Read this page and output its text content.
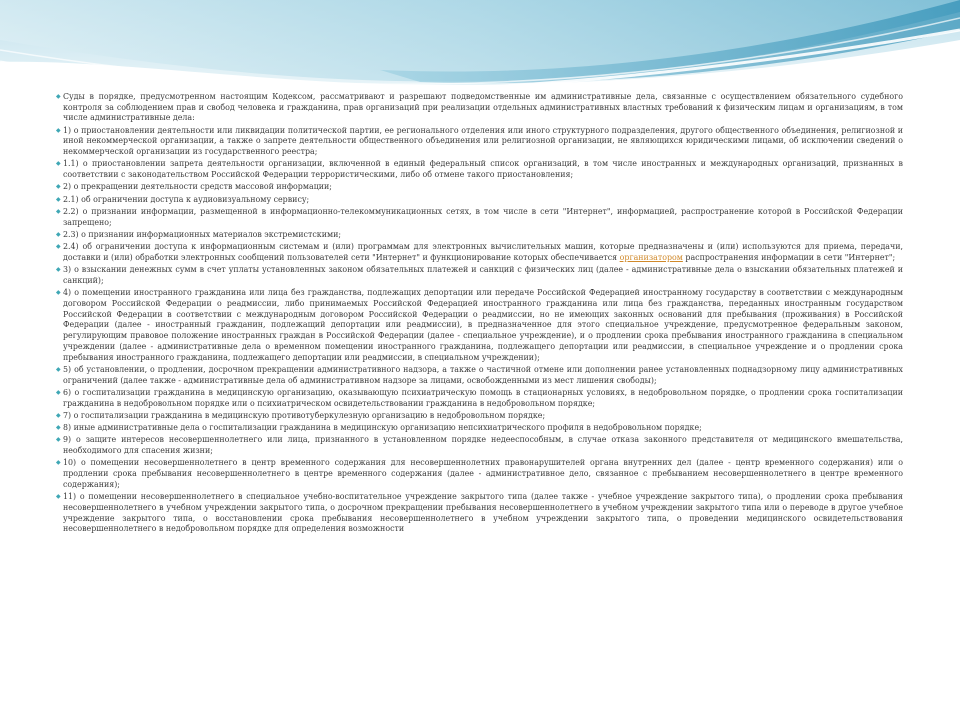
◆ Суды в порядке, предусмотренном настоящим Кодексом, рассматривают и разрешают подведомственные им административные дела, связанные с осуществлением обязательного судебного контроля за соблюдением прав и свобод человека и гражданина, прав организаций при реализации отдельных административных властных требований к физическим лицам и организациям, в том числе административные дела:
◆ 1) о приостановлении деятельности или ликвидации политической партии, ее регионального отделения или иного структурного подразделения, другого общественного объединения, религиозной и иной некоммерческой организации, а также о запрете деятельности общественного объединения или религиозной организации, не являющихся юридическими лицами, об исключении сведений о некоммерческой организации из государственного реестра;
◆ 1.1) о приостановлении запрета деятельности организации, включенной в единый федеральный список организаций, в том числе иностранных и международных организаций, признанных в соответствии с законодательством Российской Федерации террористическими, либо об отмене такого приостановления;
◆ 2) о прекращении деятельности средств массовой информации;
◆ 2.1) об ограничении доступа к аудиовизуальному сервису;
◆ 2.2) о признании информации, размещенной в информационно-телекоммуникационных сетях, в том числе в сети "Интернет", информацией, распространение которой в Российской Федерации запрещено;
◆ 2.3) о признании информационных материалов экстремистскими;
◆ 2.4) об ограничении доступа к информационным системам и (или) программам для электронных вычислительных машин, которые предназначены и (или) используются для приема, передачи, доставки и (или) обработки электронных сообщений пользователей сети "Интернет" и функционирование которых обеспечивается организатором распространения информации в сети "Интернет";
◆ 3) о взыскании денежных сумм в счет уплаты установленных законом обязательных платежей и санкций с физических лиц (далее - административные дела о взыскании обязательных платежей и санкций);
◆ 4) о помещении иностранного гражданина или лица без гражданства, подлежащих депортации или передаче Российской Федерацией иностранному государству в соответствии с международным договором Российской Федерации о реадмиссии, либо принимаемых Российской Федерацией иностранного гражданина или лица без гражданства, переданных иностранным государством Российской Федерации в соответствии с международным договором Российской Федерации о реадмиссии, но не имеющих законных оснований для пребывания (проживания) в Российской Федерации (далее - иностранный гражданин, подлежащий депортации или реадмиссии), в предназначенное для этого специальное учреждение, предусмотренное федеральным законом, регулирующим правовое положение иностранных граждан в Российской Федерации (далее - специальное учреждение), и о продлении срока пребывания иностранного гражданина в специальном учреждении (далее - административные дела о временном помещении иностранного гражданина, подлежащего депортации или реадмиссии, в специальное учреждение и о продлении срока пребывания иностранного гражданина, подлежащего депортации или реадмиссии, в специальном учреждении);
◆ 5) об установлении, о продлении, досрочном прекращении административного надзора, а также о частичной отмене или дополнении ранее установленных поднадзорному лицу административных ограничений (далее также - административные дела об административном надзоре за лицами, освобожденными из мест лишения свободы);
◆ 6) о госпитализации гражданина в медицинскую организацию, оказывающую психиатрическую помощь в стационарных условиях, в недобровольном порядке, о продлении срока госпитализации гражданина в недобровольном порядке или о психиатрическом освидетельствовании гражданина в недобровольном порядке;
◆ 7) о госпитализации гражданина в медицинскую противотуберкулезную организацию в недобровольном порядке;
◆ 8) иные административные дела о госпитализации гражданина в медицинскую организацию непсихиатрического профиля в недобровольном порядке;
◆ 9) о защите интересов несовершеннолетнего или лица, признанного в установленном порядке недееспособным, в случае отказа законного представителя от медицинского вмешательства, необходимого для спасения жизни;
◆ 10) о помещении несовершеннолетнего в центр временного содержания для несовершеннолетних правонарушителей органа внутренних дел (далее - центр временного содержания) или о продлении срока пребывания несовершеннолетнего в центре временного содержания (далее - административное дело, связанное с пребыванием несовершеннолетнего в центре временного содержания);
◆ 11) о помещении несовершеннолетнего в специальное учебно-воспитательное учреждение закрытого типа (далее также - учебное учреждение закрытого типа), о продлении срока пребывания несовершеннолетнего в учебном учреждении закрытого типа, о досрочном прекращении пребывания несовершеннолетнего в учебном учреждении закрытого типа или о переводе в другое учебное учреждение закрытого типа, о восстановлении срока пребывания несовершеннолетнего в учебном учреждении закрытого типа, о проведении медицинского освидетельствования несовершеннолетнего в недобровольном порядке для определения возможности
